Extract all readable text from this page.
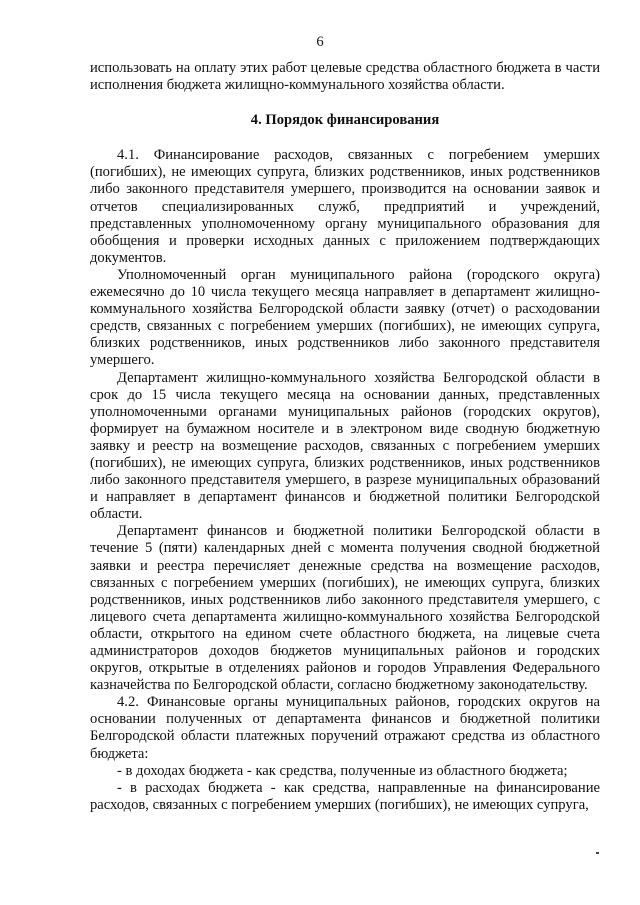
6

использовать на оплату этих работ целевые средства областного бюджета в части исполнения бюджета жилищно-коммунального хозяйства области.

4. Порядок финансирования

4.1. Финансирование расходов, связанных с погребением умерших (погибших), не имеющих супруга, близких родственников, иных родственников либо законного представителя умершего, производится на основании заявок и отчетов специализированных служб, предприятий и учреждений, представленных уполномоченному органу муниципального образования для обобщения и проверки исходных данных с приложением подтверждающих документов.

Уполномоченный орган муниципального района (городского округа) ежемесячно до 10 числа текущего месяца направляет в департамент жилищно-коммунального хозяйства Белгородской области заявку (отчет) о расходовании средств, связанных с погребением умерших (погибших), не имеющих супруга, близких родственников, иных родственников либо законного представителя умершего.

Департамент жилищно-коммунального хозяйства Белгородской области в срок до 15 числа текущего месяца на основании данных, представленных уполномоченными органами муниципальных районов (городских округов), формирует на бумажном носителе и в электроном виде сводную бюджетную заявку и реестр на возмещение расходов, связанных с погребением умерших (погибших), не имеющих супруга, близких родственников, иных родственников либо законного представителя умершего, в разрезе муниципальных образований и направляет в департамент финансов и бюджетной политики Белгородской области.

Департамент финансов и бюджетной политики Белгородской области в течение 5 (пяти) календарных дней с момента получения сводной бюджетной заявки и реестра перечисляет денежные средства на возмещение расходов, связанных с погребением умерших (погибших), не имеющих супруга, близких родственников, иных родственников либо законного представителя умершего, с лицевого счета департамента жилищно-коммунального хозяйства Белгородской области, открытого на едином счете областного бюджета, на лицевые счета администраторов доходов бюджетов муниципальных районов и городских округов, открытые в отделениях районов и городов Управления Федерального казначейства по Белгородской области, согласно бюджетному законодательству.

4.2. Финансовые органы муниципальных районов, городских округов на основании полученных от департамента финансов и бюджетной политики Белгородской области платежных поручений отражают средства из областного бюджета:

- в доходах бюджета - как средства, полученные из областного бюджета;

- в расходах бюджета - как средства, направленные на финансирование расходов, связанных с погребением умерших (погибших), не имеющих супруга,
